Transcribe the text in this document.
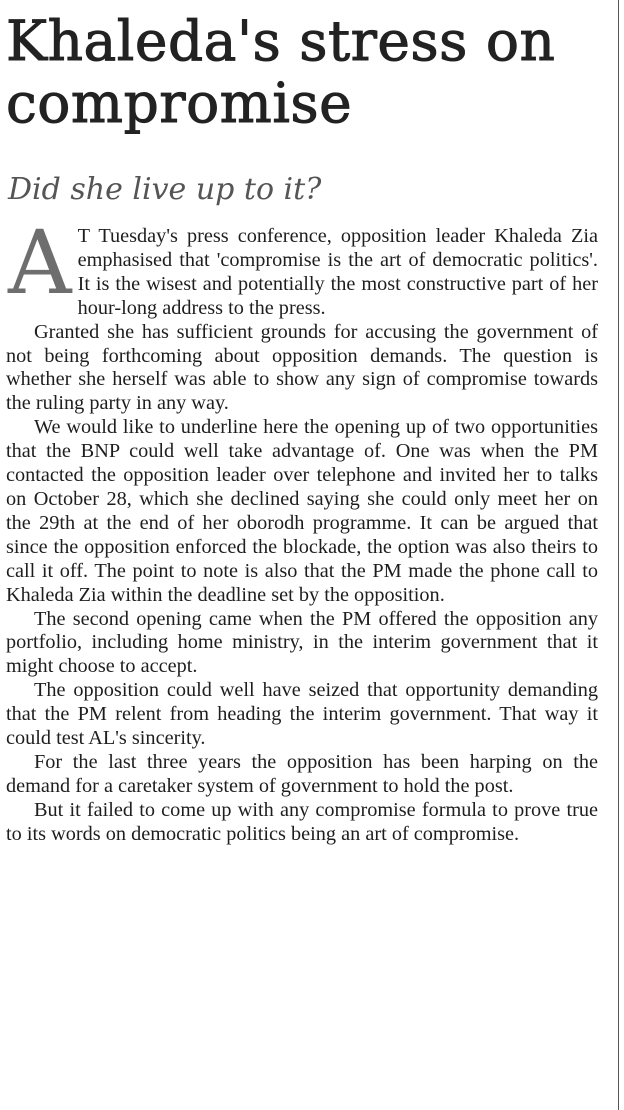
Khaleda's stress on compromise
Did she live up to it?

A T Tuesday's press conference, opposition leader Khaleda Zia emphasised that 'compromise is the art of democratic politics'. It is the wisest and potentially the most constructive part of her hour-long address to the press.

Granted she has sufficient grounds for accusing the government of not being forthcoming about opposition demands. The question is whether she herself was able to show any sign of compromise towards the ruling party in any way.

We would like to underline here the opening up of two opportunities that the BNP could well take advantage of. One was when the PM contacted the opposition leader over telephone and invited her to talks on October 28, which she declined saying she could only meet her on the 29th at the end of her oborodh programme. It can be argued that since the opposition enforced the blockade, the option was also theirs to call it off. The point to note is also that the PM made the phone call to Khaleda Zia within the deadline set by the opposition.

The second opening came when the PM offered the opposition any portfolio, including home ministry, in the interim government that it might choose to accept.

The opposition could well have seized that opportunity demanding that the PM relent from heading the interim government. That way it could test AL's sincerity.

For the last three years the opposition has been harping on the demand for a caretaker system of government to hold the post.

But it failed to come up with any compromise formula to prove true to its words on democratic politics being an art of compromise.
